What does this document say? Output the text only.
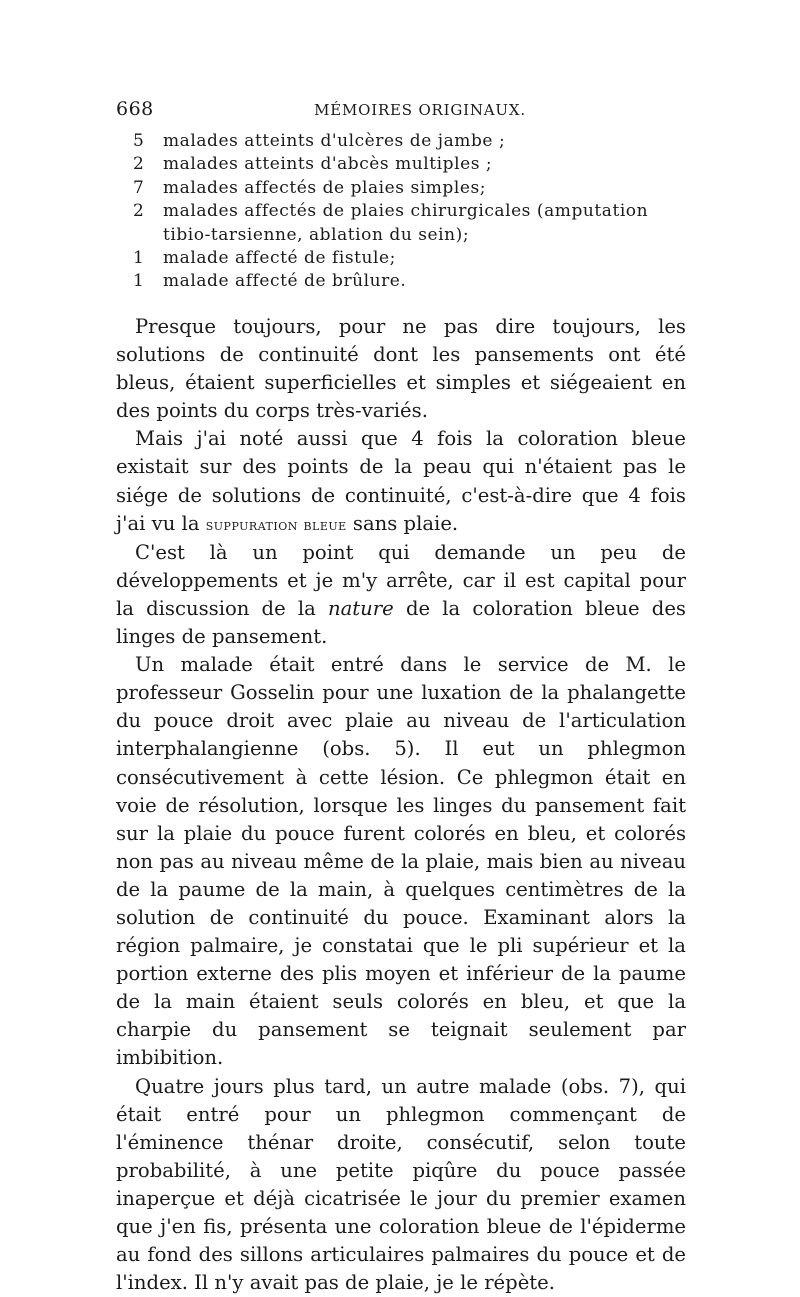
668	MÉMOIRES ORIGINAUX.
5 malades atteints d'ulcères de jambe ;
2 malades atteints d'abcès multiples ;
7 malades affectés de plaies simples;
2 malades affectés de plaies chirurgicales (amputation tibio-tarsienne, ablation du sein);
1 malade affecté de fistule;
1 malade affecté de brûlure.

Presque toujours, pour ne pas dire toujours, les solutions de continuité dont les pansements ont été bleus, étaient superficielles et simples et siégeaient en des points du corps très-variés.

Mais j'ai noté aussi que 4 fois la coloration bleue existait sur des points de la peau qui n'étaient pas le siége de solutions de continuité, c'est-à-dire que 4 fois j'ai vu la suppuration bleue sans plaie.

C'est là un point qui demande un peu de développements et je m'y arrête, car il est capital pour la discussion de la nature de la coloration bleue des linges de pansement.

Un malade était entré dans le service de M. le professeur Gosselin pour une luxation de la phalangette du pouce droit avec plaie au niveau de l'articulation interphalangienne (obs. 5). Il eut un phlegmon consécutivement à cette lésion. Ce phlegmon était en voie de résolution, lorsque les linges du pansement fait sur la plaie du pouce furent colorés en bleu, et colorés non pas au niveau même de la plaie, mais bien au niveau de la paume de la main, à quelques centimètres de la solution de continuité du pouce. Examinant alors la région palmaire, je constatai que le pli supérieur et la portion externe des plis moyen et inférieur de la paume de la main étaient seuls colorés en bleu, et que la charpie du pansement se teignait seulement par imbibition.

Quatre jours plus tard, un autre malade (obs. 7), qui était entré pour un phlegmon commençant de l'éminence thénar droite, consécutif, selon toute probabilité, à une petite piqûre du pouce passée inaperçue et déjà cicatrisée le jour du premier examen que j'en fis, présenta une coloration bleue de l'épiderme au fond des sillons articulaires palmaires du pouce et de l'index. Il n'y avait pas de plaie, je le répète.
